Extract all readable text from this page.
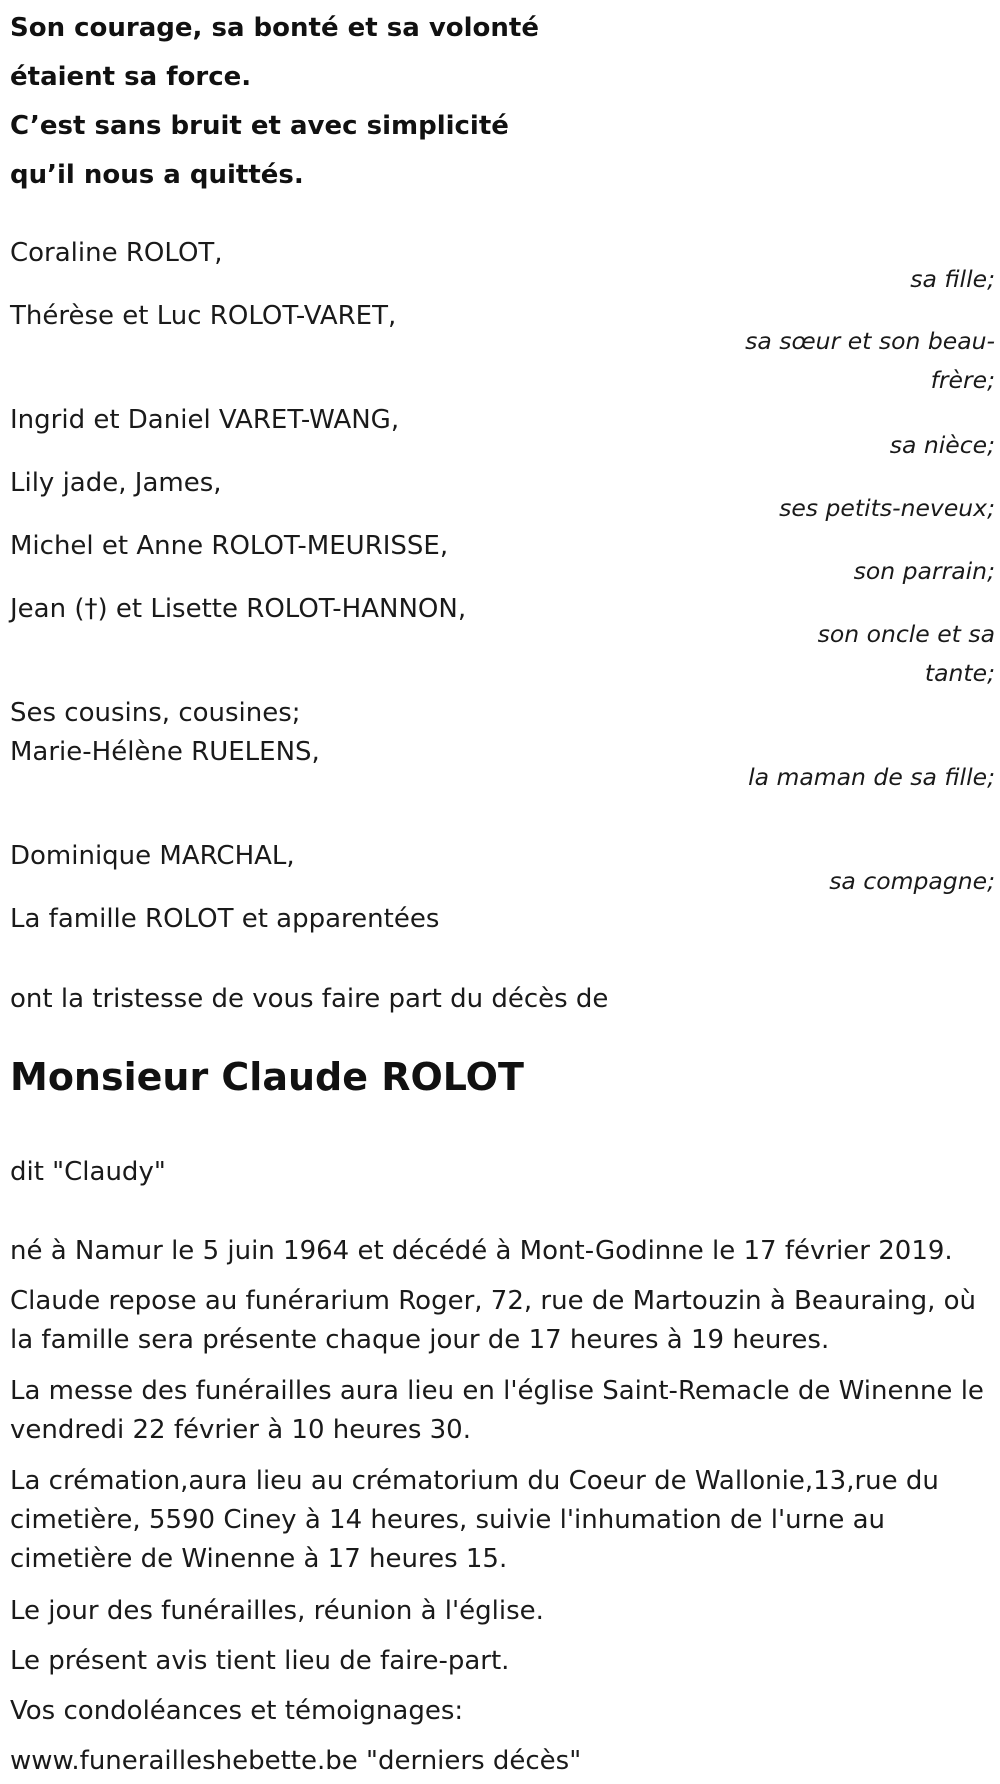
Son courage, sa bonté et sa volonté

étaient sa force.

C’est sans bruit et avec simplicité

qu’il nous a quittés.

Coraline ROLOT,

sa fille;

Thérèse et Luc ROLOT-VARET,

sa sœur et son beau-frère;

Ingrid et Daniel VARET-WANG,

sa nièce;

Lily jade, James,

ses petits-neveux;

Michel et Anne ROLOT-MEURISSE,

son parrain;

Jean (†) et Lisette ROLOT-HANNON,

son oncle et sa tante;

Ses cousins, cousines;

Marie-Hélène RUELENS,

la maman de sa fille;

Dominique MARCHAL,

sa compagne;

La famille ROLOT et apparentées

ont la tristesse de vous faire part du décès de

Monsieur Claude ROLOT

dit "Claudy"

né à Namur le 5 juin 1964 et décédé à Mont-Godinne le 17 février 2019.

Claude repose au funérarium Roger, 72, rue de Martouzin à Beauraing, où la famille sera présente chaque jour de 17 heures à 19 heures.

La messe des funérailles aura lieu en l'église Saint-Remacle de Winenne le vendredi 22 février à 10 heures 30.

La crémation,aura lieu au crématorium du Coeur de Wallonie,13,rue du cimetière, 5590 Ciney à 14 heures, suivie l'inhumation de l'urne au cimetière de Winenne à 17 heures 15.

Le jour des funérailles, réunion à l'église.

Le présent avis tient lieu de faire-part.

Vos condoléances et témoignages:

www.funerailleshebette.be "derniers décès"
